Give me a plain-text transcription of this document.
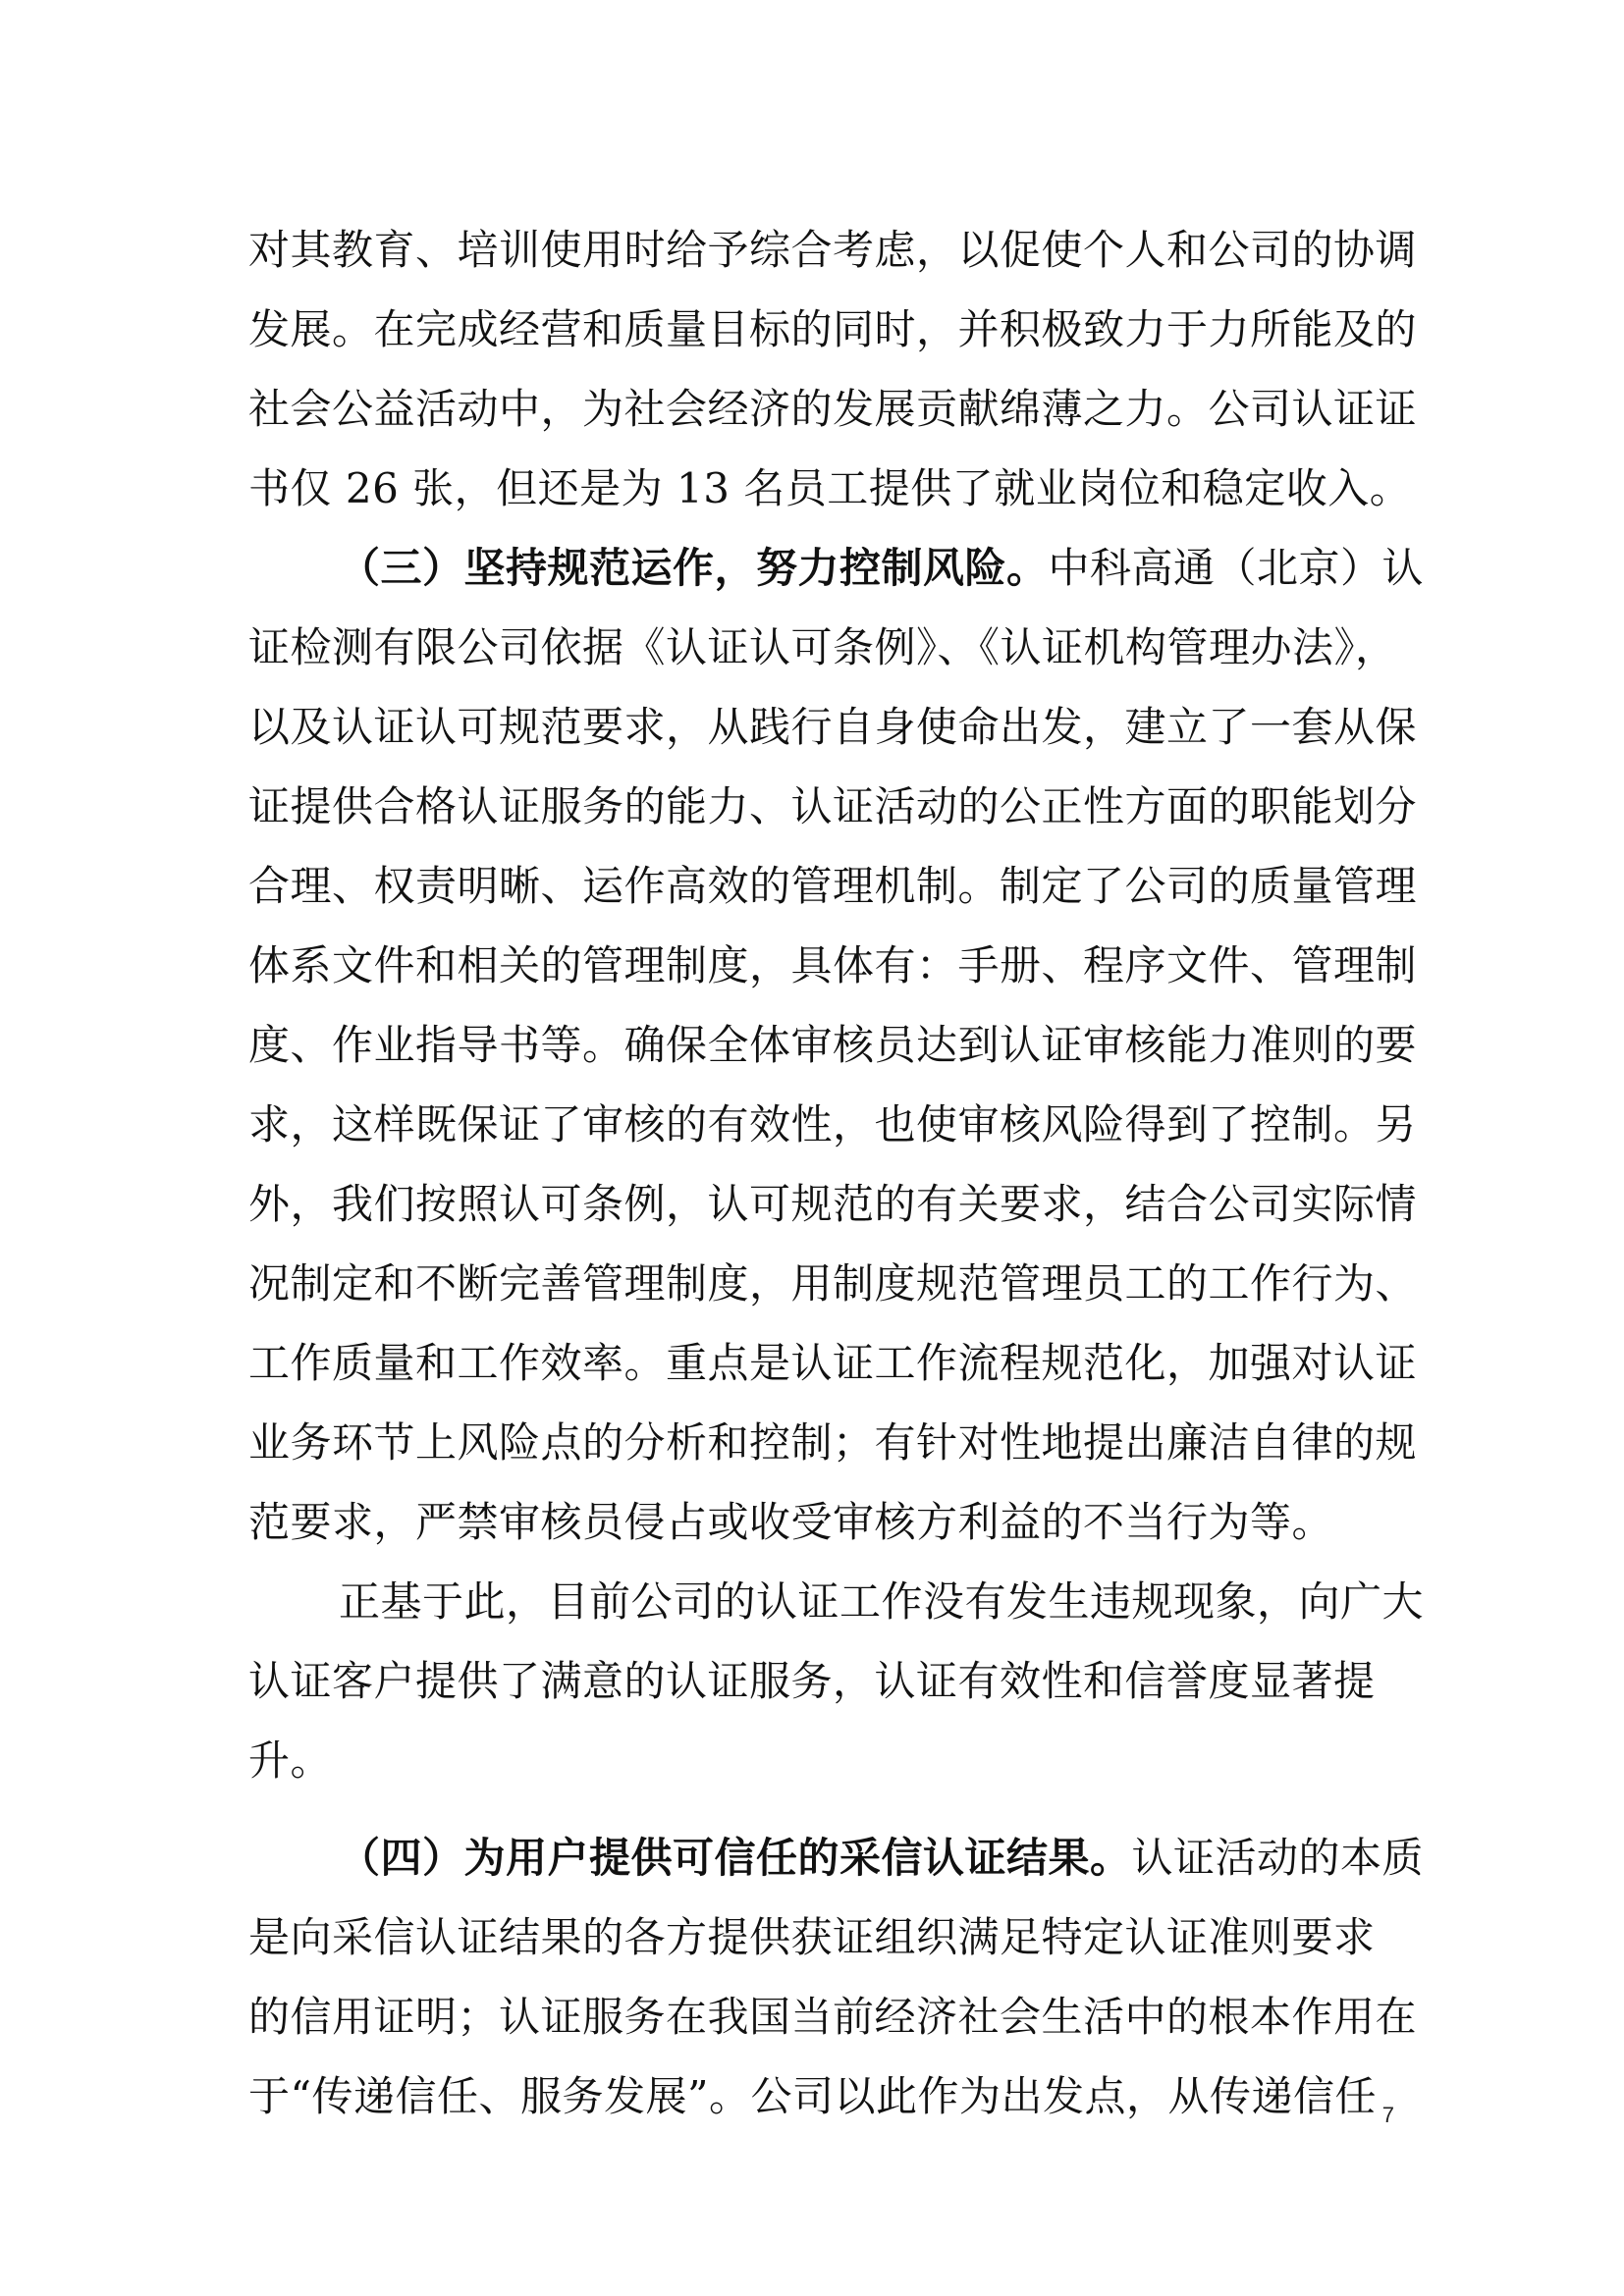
对其教育、培训使用时给予综合考虑，以促使个人和公司的协调
发展。在完成经营和质量目标的同时，并积极致力于力所能及的
社会公益活动中，为社会经济的发展贡献绵薄之力。公司认证证
书仅 26 张，但还是为 13 名员工提供了就业岗位和稳定收入。
（三）坚持规范运作，努力控制风险。中科高通（北京）认
证检测有限公司依据《认证认可条例》、《认证机构管理办法》，
以及认证认可规范要求，从践行自身使命出发，建立了一套从保
证提供合格认证服务的能力、认证活动的公正性方面的职能划分
合理、权责明晰、运作高效的管理机制。制定了公司的质量管理
体系文件和相关的管理制度，具体有：手册、程序文件、管理制
度、作业指导书等。确保全体审核员达到认证审核能力准则的要
求，这样既保证了审核的有效性，也使审核风险得到了控制。另
外，我们按照认可条例，认可规范的有关要求，结合公司实际情
况制定和不断完善管理制度，用制度规范管理员工的工作行为、
工作质量和工作效率。重点是认证工作流程规范化，加强对认证
业务环节上风险点的分析和控制；有针对性地提出廉洁自律的规
范要求，严禁审核员侵占或收受审核方利益的不当行为等。
正基于此，目前公司的认证工作没有发生违规现象，向广大
认证客户提供了满意的认证服务，认证有效性和信誉度显著提
升。
（四）为用户提供可信任的采信认证结果。认证活动的本质
是向采信认证结果的各方提供获证组织满足特定认证准则要求
的信用证明；认证服务在我国当前经济社会生活中的根本作用在
于“传递信任、服务发展”。公司以此作为出发点，从传递信任 7
